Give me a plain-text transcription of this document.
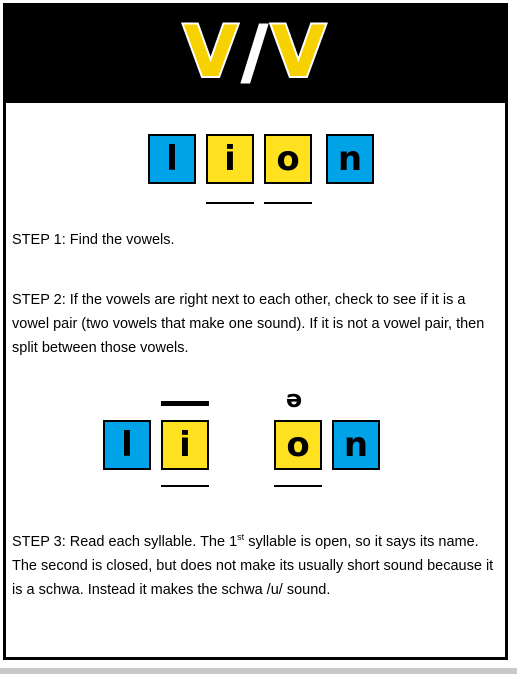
V/V
l	i	o	n

STEP 1: Find the vowels.

STEP 2: If the vowels are right next to each other, check to see if it is a vowel pair (two vowels that make one sound). If it is not a vowel pair, then split between those vowels.

ə
l	i	o	n

STEP 3: Read each syllable. The 1st syllable is open, so it says its name. The second is closed, but does not make its usually short sound because it is a schwa. Instead it makes the schwa /u/ sound.
